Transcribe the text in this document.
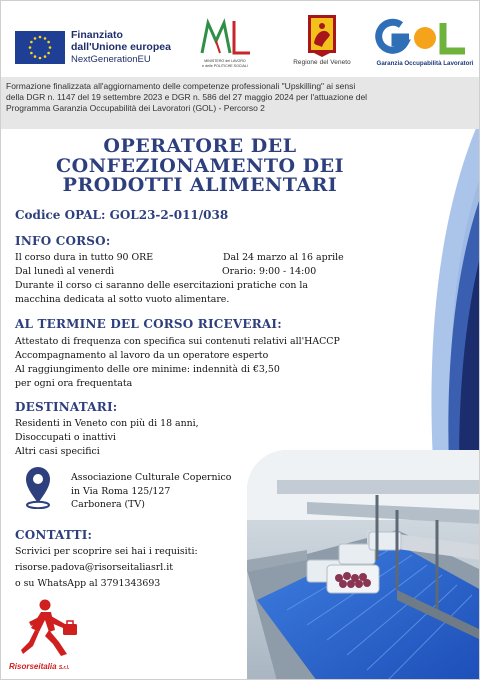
Finanziato
dall'Unione europea
NextGenerationEU	MINISTERO del LAVORO
e delle POLITICHE SOCIALI	Regione del Veneto	Garanzia Occupabilità Lavoratori

Formazione finalizzata all'aggiornamento delle competenze professionali "Upskilling" ai sensi della DGR n. 1147 del 19 settembre 2023 e DGR n. 586 del 27 maggio 2024 per l'attuazione del Programma Garanzia Occupabilità dei Lavoratori (GOL) - Percorso 2

OPERATORE DEL
CONFEZIONAMENTO DEI
PRODOTTI ALIMENTARI
Codice OPAL: GOL23-2-011/038
INFO CORSO:
Il corso dura in tutto 90 ORE	Dal 24 marzo al 16 aprile
Dal lunedì al venerdì	Orario: 9:00 - 14:00
Durante il corso ci saranno delle esercitazioni pratiche con la
macchina dedicata al sotto vuoto alimentare.
AL TERMINE DEL CORSO RICEVERAI:
Attestato di frequenza con specifica sui contenuti relativi all'HACCP
Accompagnamento al lavoro da un operatore esperto
Al raggiungimento delle ore minime: indennità di €3,50
per ogni ora frequentata
DESTINATARI:
Residenti in Veneto con più di 18 anni,
Disoccupati o inattivi
Altri casi specifici
Associazione Culturale Copernico
in Via Roma 125/127
Carbonera (TV)
CONTATTI:
Scrivici per scoprire sei hai i requisiti:
risorse.padova@risorseitaliasrl.it
o su WhatsApp al 3791343693
Risorseitalia S.r.l.
